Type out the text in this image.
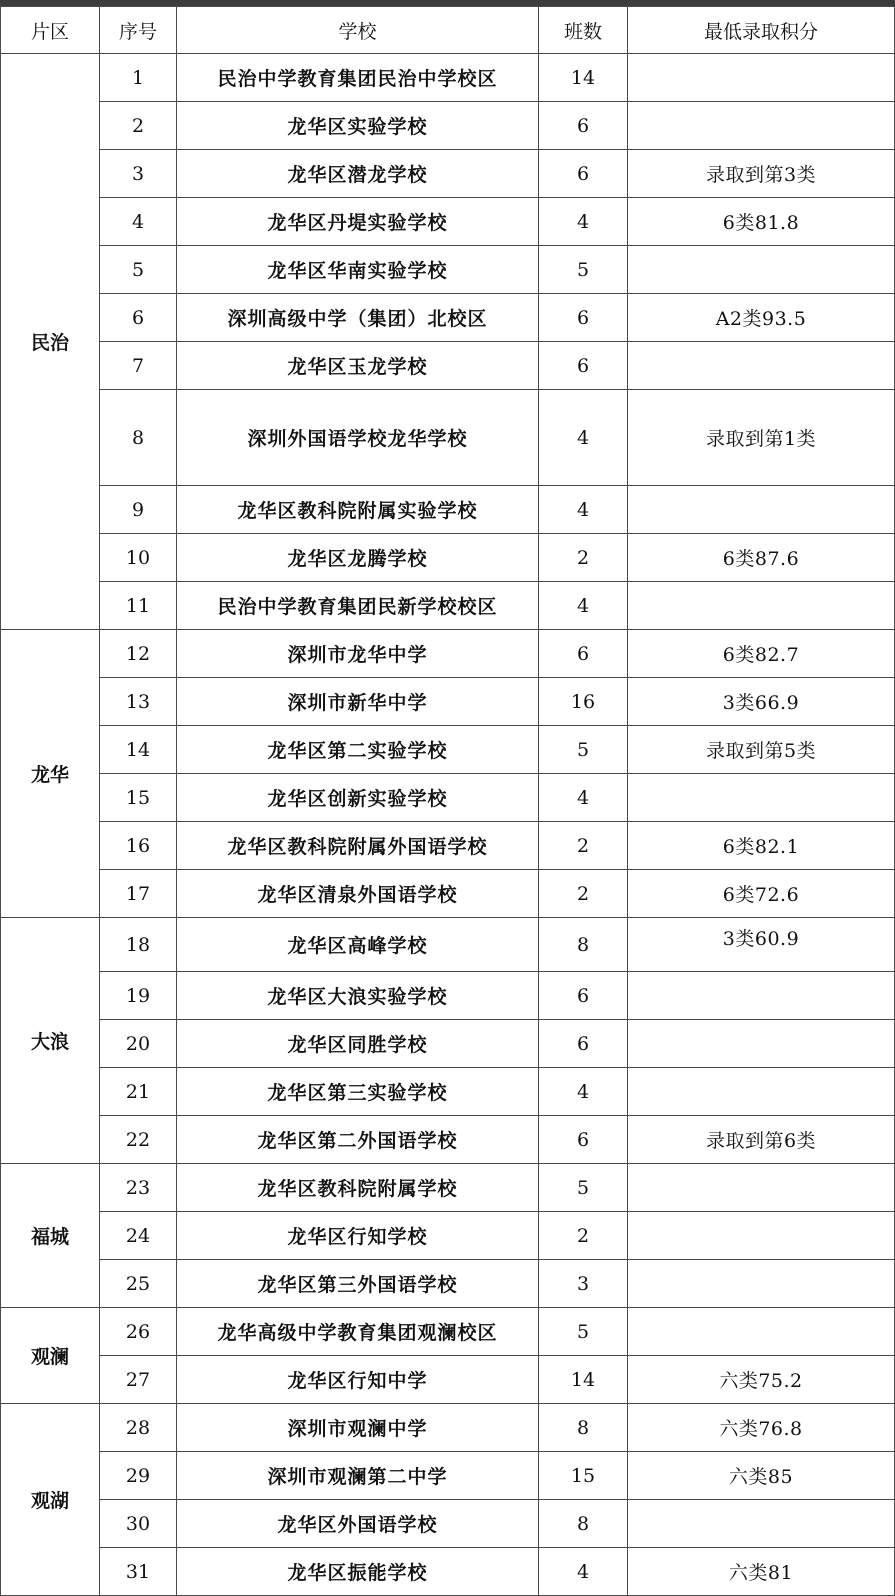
片区	序号	学校	班数	最低录取积分
民治	1	民治中学教育集团民治中学校区	14	
	2	龙华区实验学校	6	
	3	龙华区潜龙学校	6	录取到第3类
	4	龙华区丹堤实验学校	4	6类81.8
	5	龙华区华南实验学校	5	
	6	深圳高级中学（集团）北校区	6	A2类93.5
	7	龙华区玉龙学校	6	
	8	深圳外国语学校龙华学校	4	录取到第1类
	9	龙华区教科院附属实验学校	4	
	10	龙华区龙腾学校	2	6类87.6
	11	民治中学教育集团民新学校校区	4	
龙华	12	深圳市龙华中学	6	6类82.7
	13	深圳市新华中学	16	3类66.9
	14	龙华区第二实验学校	5	录取到第5类
	15	龙华区创新实验学校	4	
	16	龙华区教科院附属外国语学校	2	6类82.1
	17	龙华区清泉外国语学校	2	6类72.6
大浪	18	龙华区高峰学校	8	3类60.9
	19	龙华区大浪实验学校	6	
	20	龙华区同胜学校	6	
	21	龙华区第三实验学校	4	
	22	龙华区第二外国语学校	6	录取到第6类
福城	23	龙华区教科院附属学校	5	
	24	龙华区行知学校	2	
	25	龙华区第三外国语学校	3	
观澜	26	龙华高级中学教育集团观澜校区	5	
	27	龙华区行知中学	14	六类75.2
观湖	28	深圳市观澜中学	8	六类76.8
	29	深圳市观澜第二中学	15	六类85
	30	龙华区外国语学校	8	
	31	龙华区振能学校	4	六类81
